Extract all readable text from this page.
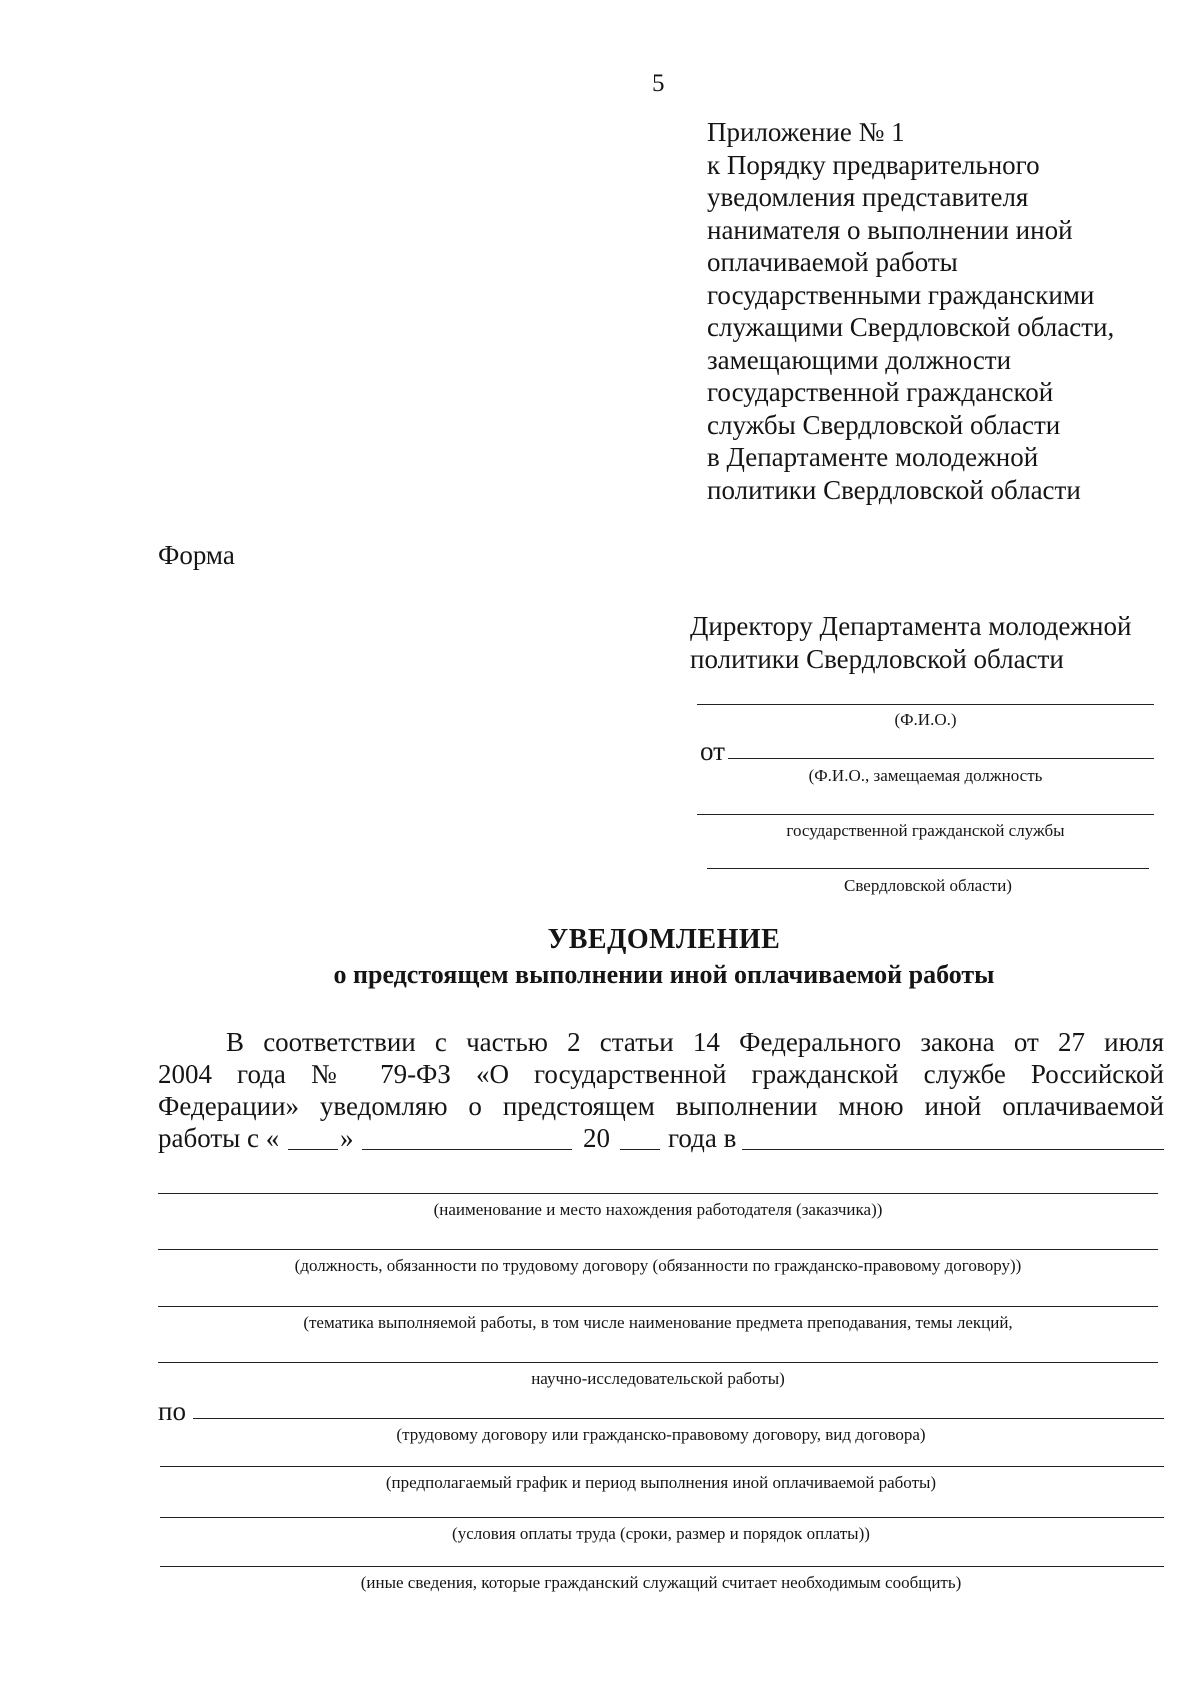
5
Приложение № 1
к Порядку предварительного
уведомления представителя
нанимателя о выполнении иной
оплачиваемой работы
государственными гражданскими
служащими Свердловской области,
замещающими должности
государственной гражданской
службы Свердловской области
в Департаменте молодежной
политики Свердловской области
Форма
Директору Департамента молодежной
политики Свердловской области
(Ф.И.О.)
от
(Ф.И.О., замещаемая должность
государственной гражданской службы
Свердловской области)
УВЕДОМЛЕНИЕ
о предстоящем выполнении иной оплачиваемой работы
В соответствии с частью 2 статьи 14 Федерального закона от 27 июля
2004 года № 79-ФЗ «О государственной гражданской службе Российской
Федерации» уведомляю о предстоящем выполнении мною иной оплачиваемой
работы с « »	20 года в
(наименование и место нахождения работодателя (заказчика))
(должность, обязанности по трудовому договору (обязанности по гражданско-правовому договору))
(тематика выполняемой работы, в том числе наименование предмета преподавания, темы лекций,
научно-исследовательской работы)
по
(трудовому договору или гражданско-правовому договору, вид договора)
(предполагаемый график и период выполнения иной оплачиваемой работы)
(условия оплаты труда (сроки, размер и порядок оплаты))
(иные сведения, которые гражданский служащий считает необходимым сообщить)
